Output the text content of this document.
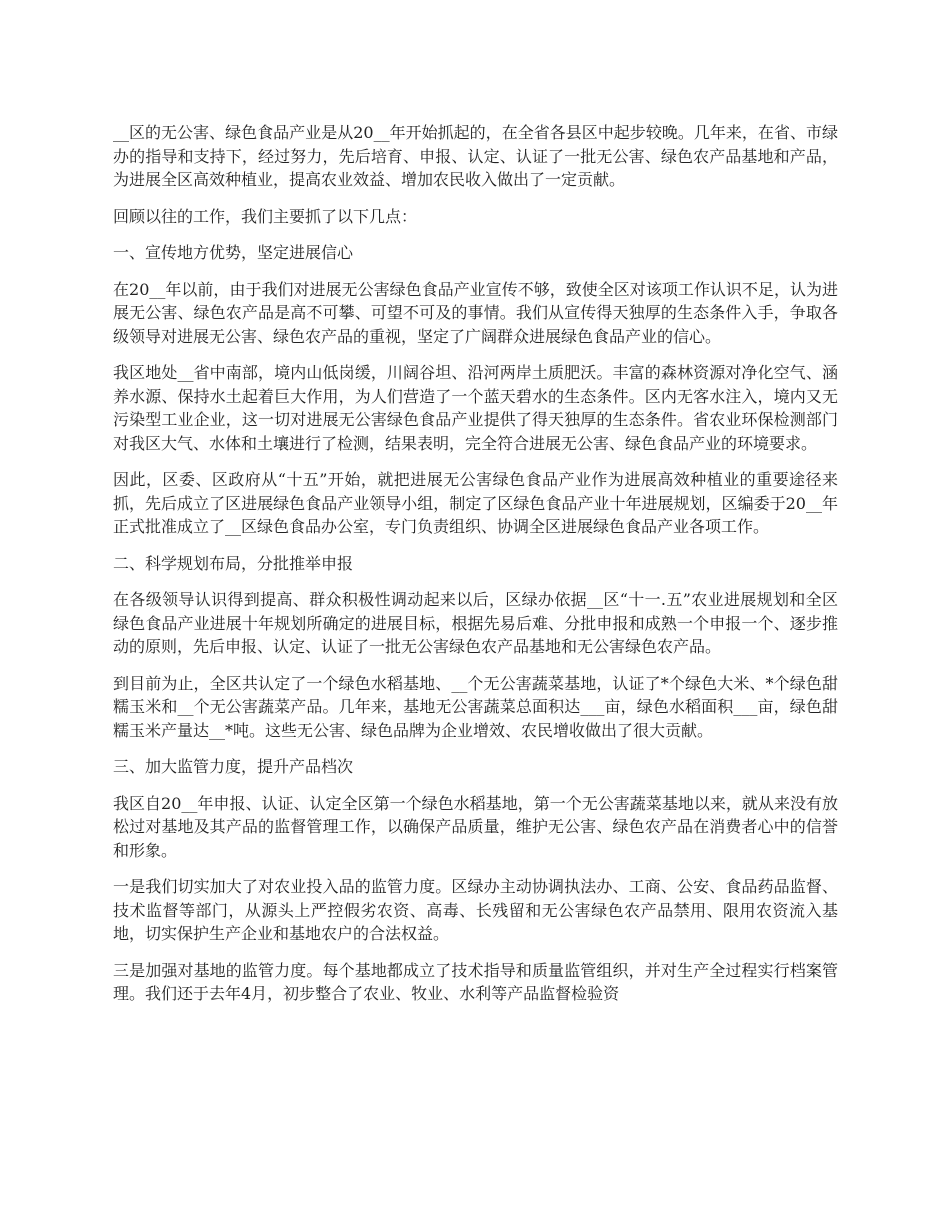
__区的无公害、绿色食品产业是从20__年开始抓起的，在全省各县区中起步较晚。几年来，在省、市绿办的指导和支持下，经过努力，先后培育、申报、认定、认证了一批无公害、绿色农产品基地和产品，为进展全区高效种植业，提高农业效益、增加农民收入做出了一定贡献。

回顾以往的工作，我们主要抓了以下几点：

一、宣传地方优势，坚定进展信心

在20__年以前，由于我们对进展无公害绿色食品产业宣传不够，致使全区对该项工作认识不足，认为进展无公害、绿色农产品是高不可攀、可望不可及的事情。我们从宣传得天独厚的生态条件入手，争取各级领导对进展无公害、绿色农产品的重视，坚定了广阔群众进展绿色食品产业的信心。

我区地处__省中南部，境内山低岗缓，川阔谷坦、沿河两岸土质肥沃。丰富的森林资源对净化空气、涵养水源、保持水土起着巨大作用，为人们营造了一个蓝天碧水的生态条件。区内无客水注入，境内又无污染型工业企业，这一切对进展无公害绿色食品产业提供了得天独厚的生态条件。省农业环保检测部门对我区大气、水体和土壤进行了检测，结果表明，完全符合进展无公害、绿色食品产业的环境要求。

因此，区委、区政府从“十五”开始，就把进展无公害绿色食品产业作为进展高效种植业的重要途径来抓，先后成立了区进展绿色食品产业领导小组，制定了区绿色食品产业十年进展规划，区编委于20__年正式批准成立了__区绿色食品办公室，专门负责组织、协调全区进展绿色食品产业各项工作。

二、科学规划布局，分批推举申报

在各级领导认识得到提高、群众积极性调动起来以后，区绿办依据__区“十一.五”农业进展规划和全区绿色食品产业进展十年规划所确定的进展目标，根据先易后难、分批申报和成熟一个申报一个、逐步推动的原则，先后申报、认定、认证了一批无公害绿色农产品基地和无公害绿色农产品。

到目前为止，全区共认定了一个绿色水稻基地、__个无公害蔬菜基地，认证了*个绿色大米、*个绿色甜糯玉米和__个无公害蔬菜产品。几年来，基地无公害蔬菜总面积达___亩，绿色水稻面积___亩，绿色甜糯玉米产量达__*吨。这些无公害、绿色品牌为企业增效、农民增收做出了很大贡献。

三、加大监管力度，提升产品档次

我区自20__年申报、认证、认定全区第一个绿色水稻基地，第一个无公害蔬菜基地以来，就从来没有放松过对基地及其产品的监督管理工作，以确保产品质量，维护无公害、绿色农产品在消费者心中的信誉和形象。

一是我们切实加大了对农业投入品的监管力度。区绿办主动协调执法办、工商、公安、食品药品监督、技术监督等部门，从源头上严控假劣农资、高毒、长残留和无公害绿色农产品禁用、限用农资流入基地，切实保护生产企业和基地农户的合法权益。

三是加强对基地的监管力度。每个基地都成立了技术指导和质量监管组织，并对生产全过程实行档案管理。我们还于去年4月，初步整合了农业、牧业、水利等产品监督检验资
